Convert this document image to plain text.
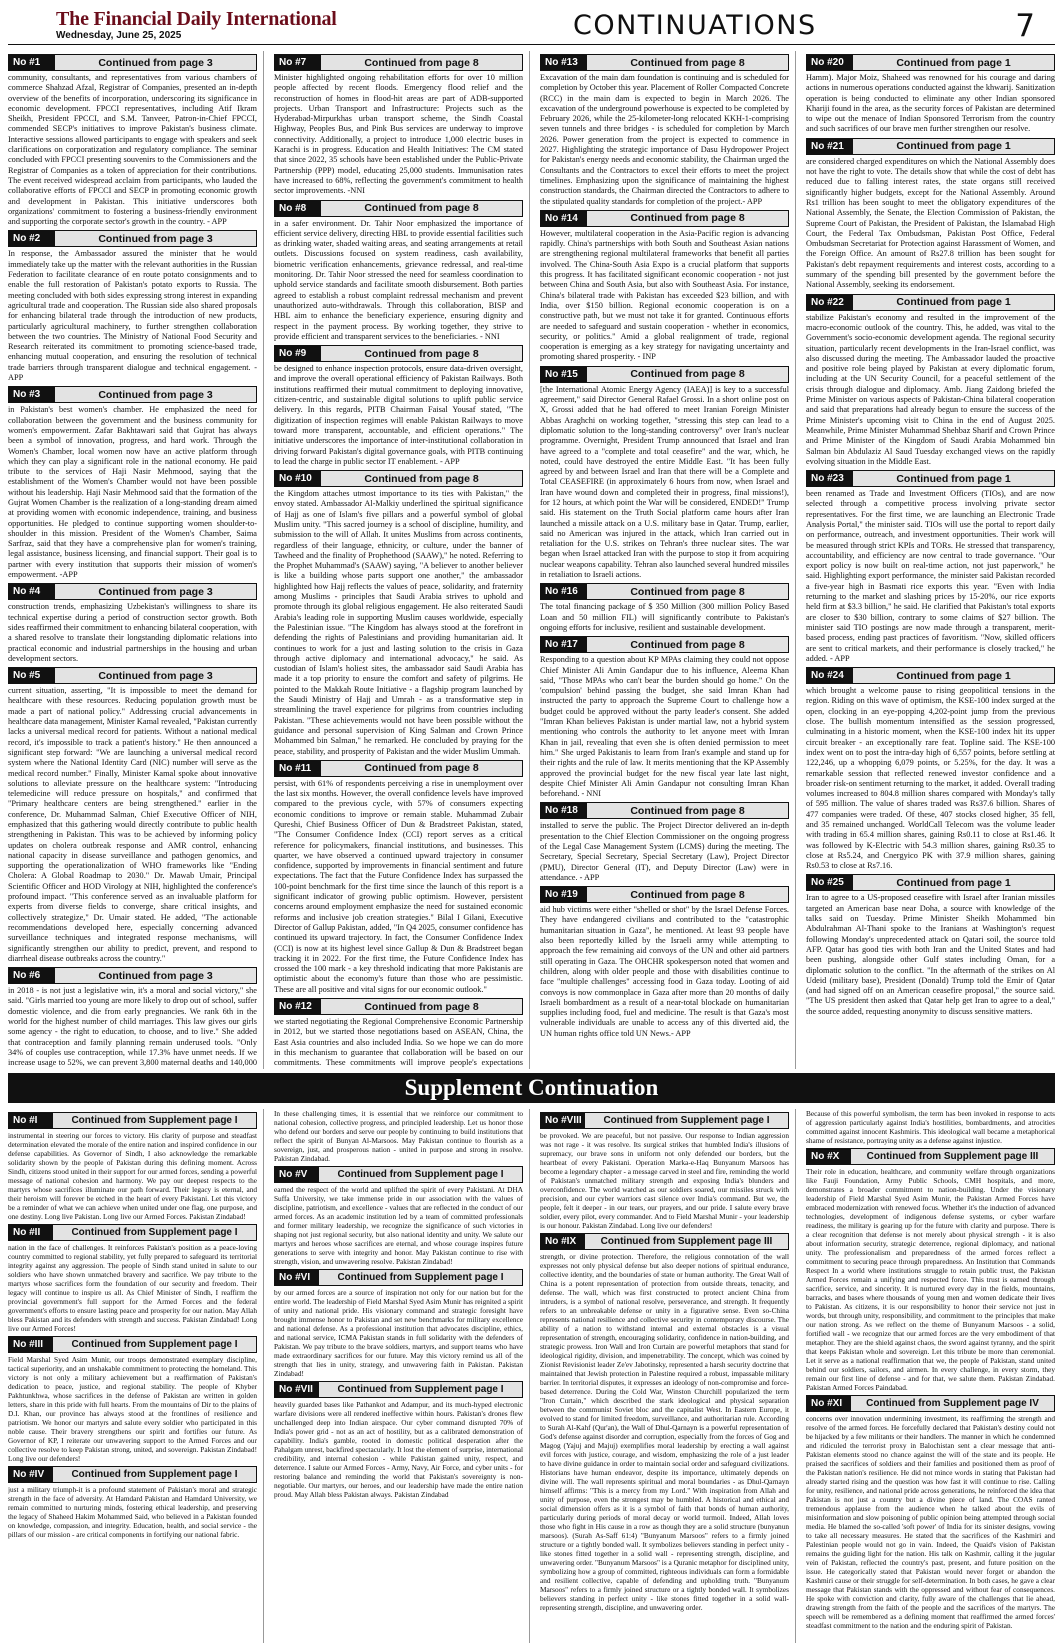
The Financial Daily International
Wednesday, June 25, 2025	CONTINUATIONS	7
No #1	Continued from page 3
community, consultants, and representatives from various chambers of commerce Shahzad Afzal, Registrar of Companies, presented an in-depth overview of the benefits of incorporation, underscoring its significance in economic development. FPCCI representatives, including Atif Ikram Sheikh, President FPCCI, and S.M. Tanveer, Patron-in-Chief FPCCI, commended SECP's initiatives to improve Pakistan's business climate. Interactive sessions allowed participants to engage with speakers and seek clarifications on corporatization and regulatory compliance. The seminar concluded with FPCCI presenting souvenirs to the Commissioners and the Registrar of Companies as a token of appreciation for their contributions. The event received widespread acclaim from participants, who lauded the collaborative efforts of FPCCI and SECP in promoting economic growth and development in Pakistan. This initiative underscores both organizations' commitment to fostering a business-friendly environment and supporting the corporate sector's growth in the country. - APP
No #2	Continued from page 3
In response, the Ambassador assured the minister that he would immediately take up the matter with the relevant authorities in the Russian Federation to facilitate clearance of en route potato consignments and to enable the full restoration of Pakistan's potato exports to Russia. The meeting concluded with both sides expressing strong interest in expanding agricultural trade and cooperation. The Russian side also shared proposals for enhancing bilateral trade through the introduction of new products, particularly agricultural machinery, to further strengthen collaboration between the two countries. The Ministry of National Food Security and Research reiterated its commitment to promoting science-based trade, enhancing mutual cooperation, and ensuring the resolution of technical trade barriers through transparent dialogue and technical engagement. - APP
No #3	Continued from page 3
in Pakistan's best women's chamber. He emphasized the need for collaboration between the government and the business community for women's empowerment. Zafar Bakhtawari said that Gujrat has always been a symbol of innovation, progress, and hard work. Through the Women's Chamber, local women now have an active platform through which they can play a significant role in the national economy. He paid tribute to the services of Haji Nasir Mehmood, saying that the establishment of the Women's Chamber would not have been possible without his leadership. Haji Nasir Mehmood said that the formation of the Gujrat Women Chamber is the realization of a long-standing dream aimed at providing women with economic independence, training, and business opportunities. He pledged to continue supporting women shoulder-to-shoulder in this mission. President of the Women's Chamber, Saima Sarfraz, said that they have a comprehensive plan for women's training, legal assistance, business licensing, and financial support. Their goal is to partner with every institution that supports their mission of women's empowerment. -APP
No #4	Continued from page 3
construction trends, emphasizing Uzbekistan's willingness to share its technical expertise during a period of construction sector growth. Both sides reaffirmed their commitment to enhancing bilateral cooperation, with a shared resolve to translate their longstanding diplomatic relations into practical economic and industrial partnerships in the housing and urban development sectors.
No #5	Continued from page 3
current situation, asserting, "It is impossible to meet the demand for healthcare with these resources. Reducing population growth must be made a part of national policy." Addressing crucial advancements in healthcare data management, Minister Kamal revealed, "Pakistan currently lacks a universal medical record for patients. Without a national medical record, it's impossible to track a patient's history." He then announced a significant step forward: "We are launching a universal medical record system where the National Identity Card (NIC) number will serve as the medical record number." Finally, Minister Kamal spoke about innovative solutions to alleviate pressure on the healthcare system: "Introducing telemedicine will reduce pressure on hospitals," and confirmed that "Primary healthcare centers are being strengthened." earlier in the conference, Dr. Muhammad Salman, Chief Executive Officer of NIH, emphasized that this gathering would directly contribute to public health strengthening in Pakistan. This was to be achieved by informing policy updates on cholera outbreak response and AMR control, enhancing national capacity in disease surveillance and pathogen genomics, and supporting the operationalization of WHO frameworks like "Ending Cholera: A Global Roadmap to 2030." Dr. Mawab Umair, Principal Scientific Officer and HOD Virology at NIH, highlighted the conference's profound impact. "This conference served as an invaluable platform for experts from diverse fields to converge, share critical insights, and collectively strategize," Dr. Umair stated. He added, "The actionable recommendations developed here, especially concerning advanced surveillance techniques and integrated response mechanisms, will significantly strengthen our ability to predict, prevent, and respond to diarrheal disease outbreaks across the country."
No #6	Continued from page 3
in 2018 - is not just a legislative win, it's a moral and social victory," she said. "Girls married too young are more likely to drop out of school, suffer domestic violence, and die from early pregnancies. We rank 6th in the world for the highest number of child marriages. This law gives our girls some agency - the right to education, to choose, and to live." She added that contraception and family planning remain underused tools. "Only 34% of couples use contraception, while 17.3% have unmet needs. If we increase usage to 52%, we can prevent 3,800 maternal deaths and 140,000
No #7	Continued from page 8
Minister highlighted ongoing rehabilitation efforts for over 10 million people affected by recent floods. Emergency flood relief and the reconstruction of homes in flood-hit areas are part of ADB-supported projects. Urban Transport and Infrastructure: Projects such as the Hyderabad-Mirpurkhas urban transport scheme, the Sindh Coastal Highway, Peoples Bus, and Pink Bus services are underway to improve connectivity. Additionally, a project to introduce 1,000 electric buses in Karachi is in progress. Education and Health Initiatives: The CM stated that since 2022, 35 schools have been established under the Public-Private Partnership (PPP) model, educating 25,000 students. Immunisation rates have increased to 68%, reflecting the government's commitment to health sector improvements. -NNI
No #8	Continued from page 8
in a safer environment. Dr. Tahir Noor emphasized the importance of efficient service delivery, directing HBL to provide essential facilities such as drinking water, shaded waiting areas, and seating arrangements at retail outlets. Discussions focused on system readiness, cash availability, biometric verification enhancements, grievance redressal, and real-time monitoring. Dr. Tahir Noor stressed the need for seamless coordination to uphold service standards and facilitate smooth disbursement. Both parties agreed to establish a robust complaint redressal mechanism and prevent unauthorized auto-withdrawals. Through this collaboration, BISP and HBL aim to enhance the beneficiary experience, ensuring dignity and respect in the payment process. By working together, they strive to provide efficient and transparent services to the beneficiaries. - NNI
No #9	Continued from page 8
be designed to enhance inspection protocols, ensure data-driven oversight, and improve the overall operational efficiency of Pakistan Railways. Both institutions reaffirmed their mutual commitment to deploying innovative, citizen-centric, and sustainable digital solutions to uplift public service delivery. In this regards, PITB Chairman Faisal Yousaf stated, "The digitization of inspection regimes will enable Pakistan Railways to move toward more transparent, accountable, and efficient operations." The initiative underscores the importance of inter-institutional collaboration in driving forward Pakistan's digital governance goals, with PITB continuing to lead the charge in public sector IT enablement. - APP
No #10	Continued from page 8
the Kingdom attaches utmost importance to its ties with Pakistan," the envoy stated. Ambassador Al-Malkiy underlined the spiritual significance of Hajj as one of Islam's five pillars and a powerful symbol of global Muslim unity. "This sacred journey is a school of discipline, humility, and submission to the will of Allah. It unites Muslims from across continents, regardless of their language, ethnicity, or culture, under the banner of Tawheed and the finality of Prophethood (SAAW)," he noted. Referring to the Prophet Muhammad's (SAAW) saying, "A believer to another believer is like a building whose parts support one another," the ambassador highlighted how Hajj reflects the values of peace, solidarity, and fraternity among Muslims - principles that Saudi Arabia strives to uphold and promote through its global religious engagement. He also reiterated Saudi Arabia's leading role in supporting Muslim causes worldwide, especially the Palestinian issue. "The Kingdom has always stood at the forefront in defending the rights of Palestinians and providing humanitarian aid. It continues to work for a just and lasting solution to the crisis in Gaza through active diplomacy and international advocacy," he said. As custodian of Islam's holiest sites, the ambassador said Saudi Arabia has made it a top priority to ensure the comfort and safety of pilgrims. He pointed to the Makkah Route Initiative - a flagship program launched by the Saudi Ministry of Hajj and Umrah - as a transformative step in streamlining the travel experience for pilgrims from countries including Pakistan. "These achievements would not have been possible without the guidance and personal supervision of King Salman and Crown Prince Mohammed bin Salman," he remarked. He concluded by praying for the peace, stability, and prosperity of Pakistan and the wider Muslim Ummah.
No #11	Continued from page 8
persist, with 61% of respondents perceiving a rise in unemployment over the last six months. However, the overall confidence levels have improved compared to the previous cycle, with 57% of consumers expecting economic conditions to improve or remain stable. Muhammad Zubair Qureshi, Chief Business Officer of Dun & Bradstreet Pakistan, stated, "The Consumer Confidence Index (CCI) report serves as a critical reference for policymakers, financial institutions, and businesses. This quarter, we have observed a continued upward trajectory in consumer confidence, supported by improvements in financial sentiment and future expectations. The fact that the Future Confidence Index has surpassed the 100-point benchmark for the first time since the launch of this report is a significant indicator of growing public optimism. However, persistent concerns around employment emphasize the need for sustained economic reforms and inclusive job creation strategies." Bilal I Gilani, Executive Director of Gallup Pakistan, added, "In Q4 2025, consumer confidence has continued its upward trajectory. In fact, the Consumer Confidence Index (CCI) is now at its highest level since Gallup & Dun & Bradstreet began tracking it in 2022. For the first time, the Future Confidence Index has crossed the 100 mark - a key threshold indicating that more Pakistanis are optimistic about the economy's future than those who are pessimistic. These are all positive and vital signs for our economic outlook."
No #12	Continued from page 8
we started negotiating the Regional Comprehensive Economic Partnership in 2012, but we started those negotiations based on ASEAN, China, the East Asia countries and also included India. So we hope we can do more in this mechanism to guarantee that collaboration will be based on our commitments. These commitments will improve people's expectations
No #13	Continued from page 8
Excavation of the main dam foundation is continuing and is scheduled for completion by October this year. Placement of Roller Compacted Concrete (RCC) in the main dam is expected to begin in March 2026. The excavation of the underground powerhouse is expected to be completed by February 2026, while the 25-kilometer-long relocated KKH-1-comprising seven tunnels and three bridges - is scheduled for completion by March 2026. Power generation from the project is expected to commence in 2027. Highlighting the strategic importance of Dasu Hydropower Project for Pakistan's energy needs and economic stability, the Chairman urged the Consultants and the Contractors to excel their efforts to meet the project timelines. Emphasizing upon the significance of maintaining the highest construction standards, the Chairman directed the Contractors to adhere to the stipulated quality standards for completion of the project.- APP
No #14	Continued from page 8
However, multilateral cooperation in the Asia-Pacific region is advancing rapidly. China's partnerships with both South and Southeast Asian nations are strengthening regional multilateral frameworks that benefit all parties involved. The China-South Asia Expo is a crucial platform that supports this progress. It has facilitated significant economic cooperation - not just between China and South Asia, but also with Southeast Asia. For instance, China's bilateral trade with Pakistan has exceeded $23 billion, and with India, over $150 billion. Regional economic cooperation is on a constructive path, but we must not take it for granted. Continuous efforts are needed to safeguard and sustain cooperation - whether in economics, security, or politics." Amid a global realignment of trade, regional cooperation is emerging as a key strategy for navigating uncertainty and promoting shared prosperity. - INP
No #15	Continued from page 8
[the International Atomic Energy Agency (IAEA)] is key to a successful agreement," said Director General Rafael Grossi. In a short online post on X, Grossi added that he had offered to meet Iranian Foreign Minister Abbas Araghchi on working together, "stressing this step can lead to a diplomatic solution to the long-standing controversy" over Iran's nuclear programme. Overnight, President Trump announced that Israel and Iran have agreed to a "complete and total ceasefire" and the war, which, he noted, could have destroyed the entire Middle East. "It has been fully agreed by and between Israel and Iran that there will be a Complete and Total CEASEFIRE (in approximately 6 hours from now, when Israel and Iran have wound down and completed their in progress, final missions!), for 12 hours, at which point the War will be considered, ENDED!" Trump said. His statement on the Truth Social platform came hours after Iran launched a missile attack on a U.S. military base in Qatar. Trump, earlier, said no American was injured in the attack, which Iran carried out in retaliation for the U.S. strikes on Tehran's three nuclear sites. The war began when Israel attacked Iran with the purpose to stop it from acquiring nuclear weapons capability. Tehran also launched several hundred missiles in retaliation to Israeli actions.
No #16	Continued from page 8
The total financing package of $ 350 Million (300 million Policy Based Loan and 50 million FIL) will significantly contribute to Pakistan's ongoing efforts for inclusive, resilient and sustainable development.
No #17	Continued from page 8
Responding to a question about KP MPAs claiming they could not oppose Chief Minister Ali Amin Gandapur due to his influence, Aleema Khan said, "Those MPAs who can't bear the burden should go home." On the 'compulsion' behind passing the budget, she said Imran Khan had instructed the party to approach the Supreme Court to challenge how a budget could be approved without the party leader's consent. She added "Imran Khan believes Pakistan is under martial law, not a hybrid system mentioning who controls the authority to let anyone meet with Imran Khan in jail, revealing that even she is often denied permission to meet him." She urged Pakistanis to learn from Iran's example and stand up for their rights and the rule of law. It merits mentioning that the KP Assembly approved the provincial budget for the new fiscal year late last night, despite Chief Minister Ali Amin Gandapur not consulting Imran Khan beforehand. - NNI
No #18	Continued from page 8
installed to serve the public. The Project Director delivered an in-depth presentation to the Chief Election Commissioner on the ongoing progress of the Legal Case Management System (LCMS) during the meeting. The Secretary, Special Secretary, Special Secretary (Law), Project Director (PMU), Director General (IT), and Deputy Director (Law) were in attendance. - APP
No #19	Continued from page 8
aid hub victims were either "shelled or shot" by the Israel Defense Forces. They have endangered civilians and contributed to the "catastrophic humanitarian situation in Gaza", he mentioned. At least 93 people have also been reportedly killed by the Israeli army while attempting to approach the few remaining aid convoys of the UN and other aid partners still operating in Gaza. The OHCHR spokesperson noted that women and children, along with older people and those with disabilities continue to face "multiple challenges" accessing food in Gaza today. Looting of aid convoys is now commonplace in Gaza after more than 20 months of daily Israeli bombardment as a result of a near-total blockade on humanitarian supplies including food, fuel and medicine. The result is that Gaza's most vulnerable individuals are unable to access any of this diverted aid, the UN human rights office told UN News.- APP
No #20	Continued from page 1
Hamm). Major Moiz, Shaheed was renowned for his courage and daring actions in numerous operations conducted against the khwarij. Sanitization operation is being conducted to eliminate any other Indian sponsored Khariji found in the area, as the security forces of Pakistan are determined to wipe out the menace of Indian Sponsored Terrorism from the country and such sacrifices of our brave men further strengthen our resolve.
No #21	Continued from page 1
are considered charged expenditures on which the National Assembly does not have the right to vote. The details show that while the cost of debt has reduced due to falling interest rates, the state organs still received significantly higher budgets, except for the National Assembly. Around Rs1 trillion has been sought to meet the obligatory expenditures of the National Assembly, the Senate, the Election Commission of Pakistan, the Supreme Court of Pakistan, the President of Pakistan, the Islamabad High Court, the Federal Tax Ombudsman, Pakistan Post Office, Federal Ombudsman Secretariat for Protection against Harassment of Women, and the Foreign Office. An amount of Rs27.8 trillion has been sought for Pakistan's debt repayment requirements and interest costs, according to a summary of the spending bill presented by the government before the National Assembly, seeking its endorsement.
No #22	Continued from page 1
stabilize Pakistan's economy and resulted in the improvement of the macro-economic outlook of the country. This, he added, was vital to the Government's socio-economic development agenda. The regional security situation, particularly recent developments in the Iran-Israel conflict, was also discussed during the meeting. The Ambassador lauded the proactive and positive role being played by Pakistan at every diplomatic forum, including at the UN Security Council, for a peaceful settlement of the crisis through dialogue and diplomacy. Amb. Jiang Zaidong briefed the Prime Minister on various aspects of Pakistan-China bilateral cooperation and said that preparations had already begun to ensure the success of the Prime Minister's upcoming visit to China in the end of August 2025. Meanwhile, Prime Minister Muhammad Shehbaz Sharif and Crown Prince and Prime Minister of the Kingdom of Saudi Arabia Mohammed bin Salman bin Abdulaziz Al Saud Tuesday exchanged views on the rapidly evolving situation in the Middle East.
No #23	Continued from page 1
been renamed as Trade and Investment Officers (TIOs), and are now selected through a competitive process involving private sector representatives. For the first time, we are launching an Electronic Trade Analysis Portal," the minister said. TIOs will use the portal to report daily on performance, outreach, and investment opportunities. Their work will be measured through strict KPIs and TORs. He stressed that transparency, accountability, and efficiency are now central to trade governance. "Our export policy is now built on real-time action, not just paperwork," he said. Highlighting export performance, the minister said Pakistan recorded a five-year high in Basmati rice exports this year. "Even with India returning to the market and slashing prices by 15-20%, our rice exports held firm at $3.3 billion," he said. He clarified that Pakistan's total exports are closer to $30 billion, contrary to some claims of $27 billion. The minister said TIO postings are now made through a transparent, merit-based process, ending past practices of favoritism. "Now, skilled officers are sent to critical markets, and their performance is closely tracked," he added. - APP
No #24	Continued from page 1
which brought a welcome pause to rising geopolitical tensions in the region. Riding on this wave of optimism, the KSE-100 index surged at the open, clocking in an eye-popping 4,202-point jump from the previous close. The bullish momentum intensified as the session progressed, culminating in a historic moment, when the KSE-100 index hit its upper circuit breaker - an exceptionally rare feat. Topline said. The KSE-100 index went on to post the intra-day high of 6,557 points, before settling at 122,246, up a whopping 6,079 points, or 5.25%, for the day. It was a remarkable session that reflected renewed investor confidence and a broader risk-on sentiment returning to the market, it added. Overall trading volumes increased to 804.8 million shares compared with Monday's tally of 595 million. The value of shares traded was Rs37.6 billion. Shares of 477 companies were traded. Of these, 407 stocks closed higher, 35 fell, and 35 remained unchanged. WorldCall Telecom was the volume leader with trading in 65.4 million shares, gaining Rs0.11 to close at Rs1.46. It was followed by K-Electric with 54.3 million shares, gaining Rs0.35 to close at Rs5.24, and Cnergyico PK with 37.9 million shares, gaining Rs0.53 to close at Rs7.16.
No #25	Continued from page 1
Iran to agree to a US-proposed ceasefire with Israel after Iranian missiles targeted an American base near Doha, a source with knowledge of the talks said on Tuesday. Prime Minister Sheikh Mohammed bin Abdulrahman Al-Thani spoke to the Iranians at Washington's request following Monday's unprecedented attack on Qatari soil, the source told AFP. Qatar has good ties with both Iran and the United States and had been pushing, alongside other Gulf states including Oman, for a diplomatic solution to the conflict. "In the aftermath of the strikes on Al Udeid (military base), President (Donald) Trump told the Emir of Qatar (and had signed off on an American ceasefire proposal," the source said. "The US president then asked that Qatar help get Iran to agree to a deal," the source added, requesting anonymity to discuss sensitive matters.
Supplement Continuation
No #I	Continued from Supplement page I
instrumental in steering our forces to victory. His clarity of purpose and steadfast determination elevated the morale of the entire nation and inspired confidence in our defense capabilities. As Governor of Sindh, I also acknowledge the remarkable solidarity shown by the people of Pakistan during this defining moment. Across Sindh, citizens stood united in their support for our armed forces, sending a powerful message of national cohesion and harmony. We pay our deepest respects to the martyrs whose sacrifices illuminate our path forward. Their legacy is eternal, and their heroism will forever be etched in the heart of every Pakistani. Let this victory be a reminder of what we can achieve when united under one flag, one purpose, and one destiny. Long live Pakistan. Long live our Armed Forces. Pakistan Zindabad!
No #II	Continued from Supplement page I
nation in the face of challenges. It reinforces Pakistan's position as a peace-loving country committed to regional stability, yet fully prepared to safeguard its territorial integrity against any aggression. The people of Sindh stand united in salute to our soldiers who have shown unmatched bravery and sacrifice. We pay tribute to the martyrs whose sacrifices form the foundation of our security and freedom. Their legacy will continue to inspire us all. As Chief Minister of Sindh, I reaffirm the provincial government's full support for the Armed Forces and the federal government's efforts to ensure lasting peace and prosperity for our nation. May Allah bless Pakistan and its defenders with strength and success. Pakistan Zindabad! Long live our Armed Forces!
No #III	Continued from Supplement page I
Field Marshal Syed Asim Munir, our troops demonstrated exemplary discipline, tactical superiority, and an unshakable commitment to protecting the homeland. This victory is not only a military achievement but a reaffirmation of Pakistan's dedication to peace, justice, and regional stability. The people of Khyber Pakhtunkhwa, whose sacrifices in the defense of Pakistan are written in golden letters, share in this pride with full hearts. From the mountains of Dir to the plains of D.I. Khan, our province has always stood at the frontlines of resilience and patriotism. We honor our martyrs and salute every soldier who participated in this noble cause. Their bravery strengthens our spirit and fortifies our future. As Governor of KP, I reiterate our unwavering support to the Armed Forces and our collective resolve to keep Pakistan strong, united, and sovereign. Pakistan Zindabad! Long live our defenders!
No #IV	Continued from Supplement page I
just a military triumph-it is a profound statement of Pakistan's moral and strategic strength in the face of adversity. At Hamdard Pakistan and Hamdard University, we remain committed to nurturing minds, fostering ethical leadership, and preserving the legacy of Shaheed Hakim Mohammed Said, who believed in a Pakistan founded on knowledge, compassion, and integrity. Education, health, and social service - the pillars of our mission - are critical components in fortifying our national fabric.
In these challenging times, it is essential that we reinforce our commitment to national cohesion, collective progress, and principled leadership. Let us honor those who defend our borders and serve our people by continuing to build institutions that reflect the spirit of Bunyan Al-Marsoos. May Pakistan continue to flourish as a sovereign, just, and prosperous nation - united in purpose and strong in resolve. Pakistan Zindabad.
No #V	Continued from Supplement page I
earned the respect of the world and uplifted the spirit of every Pakistani. At DHA Suffa University, we take immense pride in our association with the values of discipline, patriotism, and excellence - values that are reflected in the conduct of our armed forces. As an academic institution led by a team of committed professionals and former military leadership, we recognize the significance of such victories in shaping not just regional security, but also national identity and unity. We salute our martyrs and heroes whose sacrifices are eternal, and whose courage inspires future generations to serve with integrity and honor. May Pakistan continue to rise with strength, vision, and unwavering resolve. Pakistan Zindabad!
No #VI	Continued from Supplement page I
by our armed forces are a source of inspiration not only for our nation but for the entire world. The leadership of Field Marshal Syed Asim Munir has reignited a spirit of unity and national pride. His visionary command and strategic foresight have brought immense honor to Pakistan and set new benchmarks for military excellence and national defense. As a professional institution that advocates discipline, ethics, and national service, ICMA Pakistan stands in full solidarity with the defenders of Pakistan. We pay tribute to the brave soldiers, martyrs, and support teams who have made extraordinary sacrifices for our future. May this victory remind us all of the strength that lies in unity, strategy, and unwavering faith in Pakistan. Pakistan Zindabad!
No #VII	Continued from Supplement page I
heavily guarded bases like Pathankot and Adampur, and its much-hyped electronic warfare divisions were all rendered ineffective within hours. Pakistan's drones flew unchallenged deep into Indian airspace. Our cyber command disrupted 70% of India's power grid - not as an act of hostility, but as a calibrated demonstration of capability. India's gamble, rooted in domestic political desperation after the Pahalgam unrest, backfired spectacularly. It lost the element of surprise, international credibility, and internal cohesion - while Pakistan gained unity, respect, and deterrence. I salute our Armed Forces - Army, Navy, Air Force, and cyber units - for restoring balance and reminding the world that Pakistan's sovereignty is non-negotiable. Our martyrs, our heroes, and our leadership have made the entire nation proud. May Allah bless Pakistan always. Pakistan Zindabad
No #VIII	Continued from Supplement page I
be provoked. We are peaceful, but not passive. Our response to Indian aggression was not rage - it was resolve. Its surgical strikes that humbled India's illusions of supremacy, our brave sons in uniform not only defended our borders, but the heartbeat of every Pakistani. Operation Marka-e-Haq Bunyanum Marsoos has become a legendary chapter - a message carved in steel and fire, reminding the world of Pakistan's unmatched military strength and exposing India's blunders and overconfidence. The world watched as our soldiers soared, our missiles struck with precision, and our cyber warriors cast silence over India's command. But we, the people, felt it deeper - in our tears, our prayers, and our pride. I salute every brave soldier, every pilot, every commander. And to Field Marshal Munir - your leadership is our honour. Pakistan Zindabad. Long live our defenders!
No #IX	Continued from Supplement page III
strength, or divine protection. Therefore, the religious connotation of the wall expresses not only physical defense but also deeper notions of spiritual endurance, collective identity, and the boundaries of state or human authority. The Great Wall of China is a potent representation of protection from outside threats, tenacity, and defense. The wall, which was first constructed to protect ancient China from intruders, is a symbol of national resolve, perseverance, and strength. It frequently refers to an unbreakable defense or unity in a figurative sense. Even so-China represents national resilience and collective security in contemporary discourse. The ability of a nation to withstand internal and external obstacles is a visual representation of strength, encouraging solidarity, confidence in nation-building, and strategic prowess. Iron Wall and Iron Curtain are powerful metaphors that stand for ideological rigidity, division, and impenetrability. The concept, which was coined by Zionist Revisionist leader Ze'ev Jabotinsky, represented a harsh security doctrine that maintained that Jewish protection in Palestine required a robust, impassable military barrier. In territorial disputes, it expresses an ideology of non-compromise and force-based deterrence. During the Cold War, Winston Churchill popularized the term "Iron Curtain," which described the stark ideological and physical separation between the communist Soviet bloc and the capitalist West. In Eastern Europe, it evolved to stand for limited freedom, surveillance, and authoritarian rule. According to Surah Al-Kahf (Qur'an), the Wall of Dhul-Qarnayn is a powerful representation of God's defense against disorder and corruption, especially from the forces of Gog and Magog (Yajuj and Majuj) exemplifies moral leadership by erecting a wall against evil forces with justice, courage, and wisdom, emphasizing the role of a just leader to have divine guidance in order to maintain social order and safeguard civilizations. Historians have human endeavor, despite its importance, ultimately depends on divine will. The wall represents spiritual and moral boundaries - as Dhul-Qarnayn himself affirms: "This is a mercy from my Lord." With inspiration from Allah and unity of purpose, even the strongest may be humbled. A historical and ethical and social dimension offers as it is a symbol of faith that bonds of human authority, particularly during periods of moral decay or world turmoil. Indeed, Allah loves those who fight in His cause in a row as though they are a solid structure (bunyanun marsoos). (Surah As-Saff 61:4) "Bunyanum Marsoos" refers to a firmly joined structure or a tightly bonded wall. It symbolizes believers standing in perfect unity - like stones fitted together in a solid wall - representing strength, discipline, and unwavering order. "Bunyanum Marsoos" is a Quranic metaphor for disciplined unity, symbolizing how a group of committed, righteous individuals can form a formidable and resilient collective, capable of defending and upholding truth. "Bunyanum Marsoos" refers to a firmly joined structure or a tightly bonded wall. It symbolizes believers standing in perfect unity - like stones fitted together in a solid wall-representing strength, discipline, and unwavering order.
Because of this powerful symbolism, the term has been invoked in response to acts of aggression particularly against India's hostilities, bombardments, and atrocities committed against innocent Kashmiris. This ideological wall became a metaphorical shame of resistance, portraying unity as a defense against injustice.
No #X	Continued from Supplement page III
Their role in education, healthcare, and community welfare through organizations like Fauji Foundation, Army Public Schools, CMH hospitals, and more, demonstrates a broader commitment to nation-building. Under the visionary leadership of Field Marshal Syed Asim Munir, the Pakistan Armed Forces have embraced modernization with renewed focus. Whether it's the induction of advanced technologies, development of indigenous defense systems, or cyber warfare readiness, the military is gearing up for the future with clarity and purpose. There is a clear recognition that defense is not merely about physical strength - it is also about information security, strategic deterrence, regional diplomacy, and national unity. The professionalism and preparedness of the armed forces reflect a commitment to securing peace through preparedness. An Institution that Commands Respect In a world where institutions struggle to retain public trust, the Pakistan Armed Forces remain a unifying and respected force. This trust is earned through sacrifice, service, and sincerity. It is nurtured every day in the fields, mountains, barracks, and bases where thousands of young men and women dedicate their lives to Pakistan. As citizens, it is our responsibility to honor their service not just in words, but through unity, responsibility, and commitment to the principles that make our nation strong. As we reflect on the theme of Bunyanum Marsoos - a solid, fortified wall - we recognize that our armed forces are the very embodiment of that metaphor. They are the shield against chaos, the sword against tyranny, and the spirit that keeps Pakistan whole and sovereign. Let this tribute be more than ceremonial. Let it serve as a national reaffirmation that we, the people of Pakistan, stand united behind our soldiers, sailors, and airmen. In every challenge, in every storm, they remain our first line of defense - and for that, we salute them. Pakistan Zindabad. Pakistan Armed Forces Paindabad.
No #XI	Continued from Supplement page IV
concerns over innovation undermining investment, its reaffirming the strength and resolve of the armed forces. He forcefully declared that Pakistan's destiny could not be hijacked by a few militants or their handlers. The manner in which he condemned and ridiculed the terrorist proxy in Balochistan sent a clear message that anti-Pakistan elements stood no chance against the will of the state and its people. He praised the sacrifices of soldiers and their families and positioned them as proof of the Pakistan nation's resilience. He did not mince words in stating that Pakistan had already started rising and the question was how fast it will continue to rise. Calling for unity, resilience, and national pride across generations, he reinforced the idea that Pakistan is not just a country but a divine piece of land. The COAS ranted tremendous applause from the audience when he talked about the evils of misinformation and slow poisoning of public opinion being attempted through social media. He blamed the so-called 'soft power' of India for its sinister designs, vowing to take all necessary measures. He stated that the sacrifices of the Kashmiri and Palestinian people would not go in vain. Indeed, the Quaid's vision of Pakistan remains the guiding light for the nation. His talk on Kashmir, calling it the jugular vein of Pakistan, reflected the country's past, present, and future position on the issue. He categorically stated that Pakistan would never forget or abandon the Kashmiri cause or their struggle for self-determination. In both cases, he gave a clear message that Pakistan stands with the oppressed and without fear of consequences. He spoke with conviction and clarity, fully aware of the challenges that lie ahead, drawing strength from the faith of the people and the sacrifices of the martyrs. The speech will be remembered as a defining moment that reaffirmed the armed forces' steadfast commitment to the nation and the enduring spirit of Pakistan.
